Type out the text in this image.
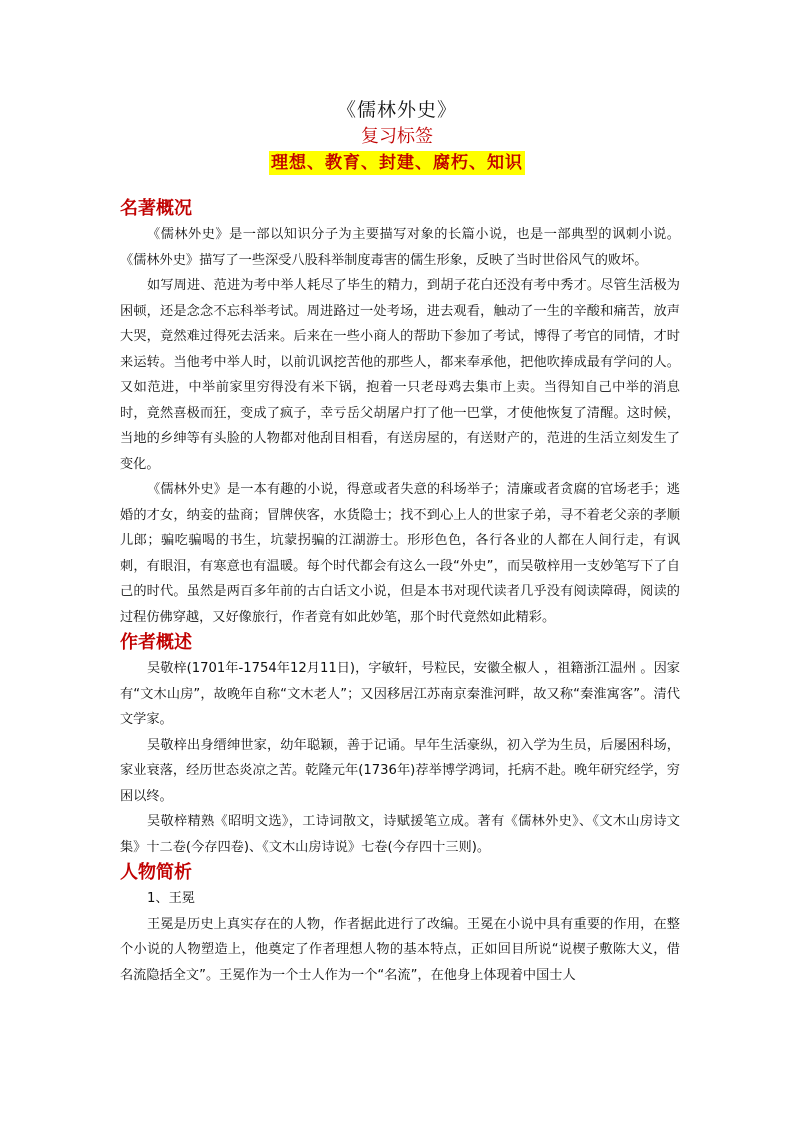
《儒林外史》
复习标签
理想、教育、封建、腐朽、知识
名著概况

《儒林外史》是一部以知识分子为主要描写对象的长篇小说，也是一部典型的讽刺小说。《儒林外史》描写了一些深受八股科举制度毒害的儒生形象，反映了当时世俗风气的败坏。

如写周进、范进为考中举人耗尽了毕生的精力，到胡子花白还没有考中秀才。尽管生活极为困顿，还是念念不忘科举考试。周进路过一处考场，进去观看，触动了一生的辛酸和痛苦，放声大哭，竟然难过得死去活来。后来在一些小商人的帮助下参加了考试，博得了考官的同情，才时来运转。当他考中举人时，以前讥讽挖苦他的那些人，都来奉承他，把他吹捧成最有学问的人。又如范进，中举前家里穷得没有米下锅，抱着一只老母鸡去集市上卖。当得知自己中举的消息时，竟然喜极而狂，变成了疯子，幸亏岳父胡屠户打了他一巴掌，才使他恢复了清醒。这时候，当地的乡绅等有头脸的人物都对他刮目相看，有送房屋的，有送财产的，范进的生活立刻发生了变化。

《儒林外史》是一本有趣的小说，得意或者失意的科场举子；清廉或者贪腐的官场老手；逃婚的才女，纳妾的盐商；冒牌侠客，水货隐士；找不到心上人的世家子弟，寻不着老父亲的孝顺儿郎；骗吃骗喝的书生，坑蒙拐骗的江湖游士。形形色色，各行各业的人都在人间行走，有讽刺，有眼泪，有寒意也有温暖。每个时代都会有这么一段“外史”，而吴敬梓用一支妙笔写下了自己的时代。虽然是两百多年前的古白话文小说，但是本书对现代读者几乎没有阅读障碍，阅读的过程仿佛穿越，又好像旅行，作者竟有如此妙笔，那个时代竟然如此精彩。

作者概述

吴敬梓(1701年-1754年12月11日)，字敏轩，号粒民，安徽全椒人 ，祖籍浙江温州 。因家有“文木山房”，故晚年自称“文木老人”；又因移居江苏南京秦淮河畔，故又称“秦淮寓客”。清代文学家。

吴敬梓出身缙绅世家，幼年聪颖，善于记诵。早年生活豪纵，初入学为生员，后屡困科场，家业衰落，经历世态炎凉之苦。乾隆元年(1736年)荐举博学鸿词，托病不赴。晚年研究经学，穷困以终。

吴敬梓精熟《昭明文选》，工诗词散文，诗赋援笔立成。著有《儒林外史》、《文木山房诗文集》十二卷(今存四卷)、《文木山房诗说》七卷(今存四十三则)。

人物简析

1、王冕

王冕是历史上真实存在的人物，作者据此进行了改编。王冕在小说中具有重要的作用，在整个小说的人物塑造上，他奠定了作者理想人物的基本特点，正如回目所说“说楔子敷陈大义，借名流隐括全文”。王冕作为一个士人作为一个“名流”，在他身上体现着中国士人
